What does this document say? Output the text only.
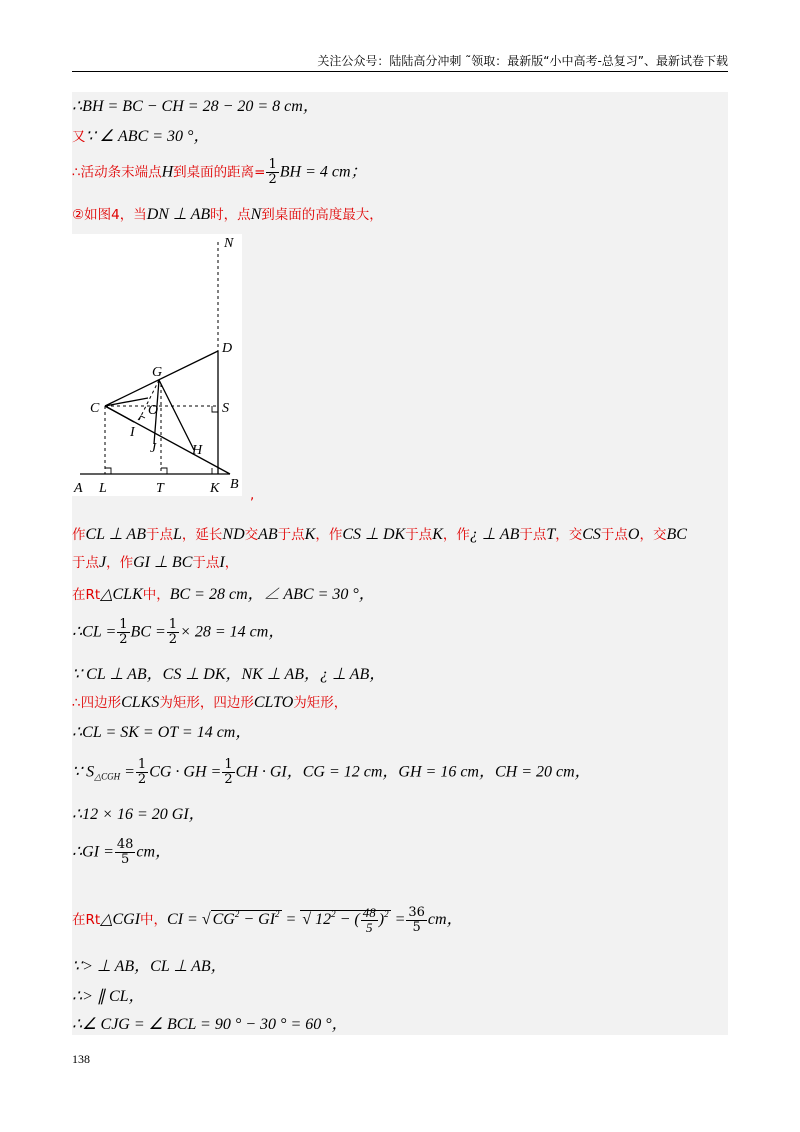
关注公众号：陆陆高分冲刺 ˜领取：最新版“小中高考-总复习”、最新试卷下载
∴BH = BC − CH = 28 − 20 = 8 cm，
又∵ ∠ ABC = 30 °，
∴活动条末端点H到桌面的距离= $\frac{1}{2}$ BH = 4 cm；
②如图4，当DN ⊥ AB时，点N到桌面的高度最大，
N
D
G
C	O	S
I
J	H
A L	T	K B
,
作CL ⊥ AB于点L，延长ND交AB于点K，作CS ⊥ DK于点K，作¿ ⊥ AB于点T，交CS于点O，交BC
于点J，作GI ⊥ BC于点I，
在Rt△CLK中，BC = 28 cm，∠ ABC = 30 °，
∴CL = $\frac{1}{2}$ BC = $\frac{1}{2} \times 28 = 14$ cm，
∵ CL ⊥ AB，CS ⊥ DK，NK ⊥ AB，¿ ⊥ AB，
∴四边形CLKS为矩形，四边形CLTO为矩形，
∴CL = SK = OT = 14 cm，
∵ $S_{\triangle CGH} = \frac{1}{2}$ CG · GH = $\frac{1}{2}$ CH · GI，CG = 12 cm，GH = 16 cm，CH = 20 cm，
∴12 × 16 = 20 GI，
∴GI = $\frac{48}{5}$ cm，
在Rt△CGI中，CI = √ $CG^2 - GI^2$ = √ $12^2$ − ( $\frac{48}{5} )^2 = \frac{36}{5}$ cm，
∵> ⊥ AB，CL ⊥ AB，
∴> ∥ CL，
∴∠ CJG = ∠ BCL = 90 ° − 30 ° = 60 °，
138
